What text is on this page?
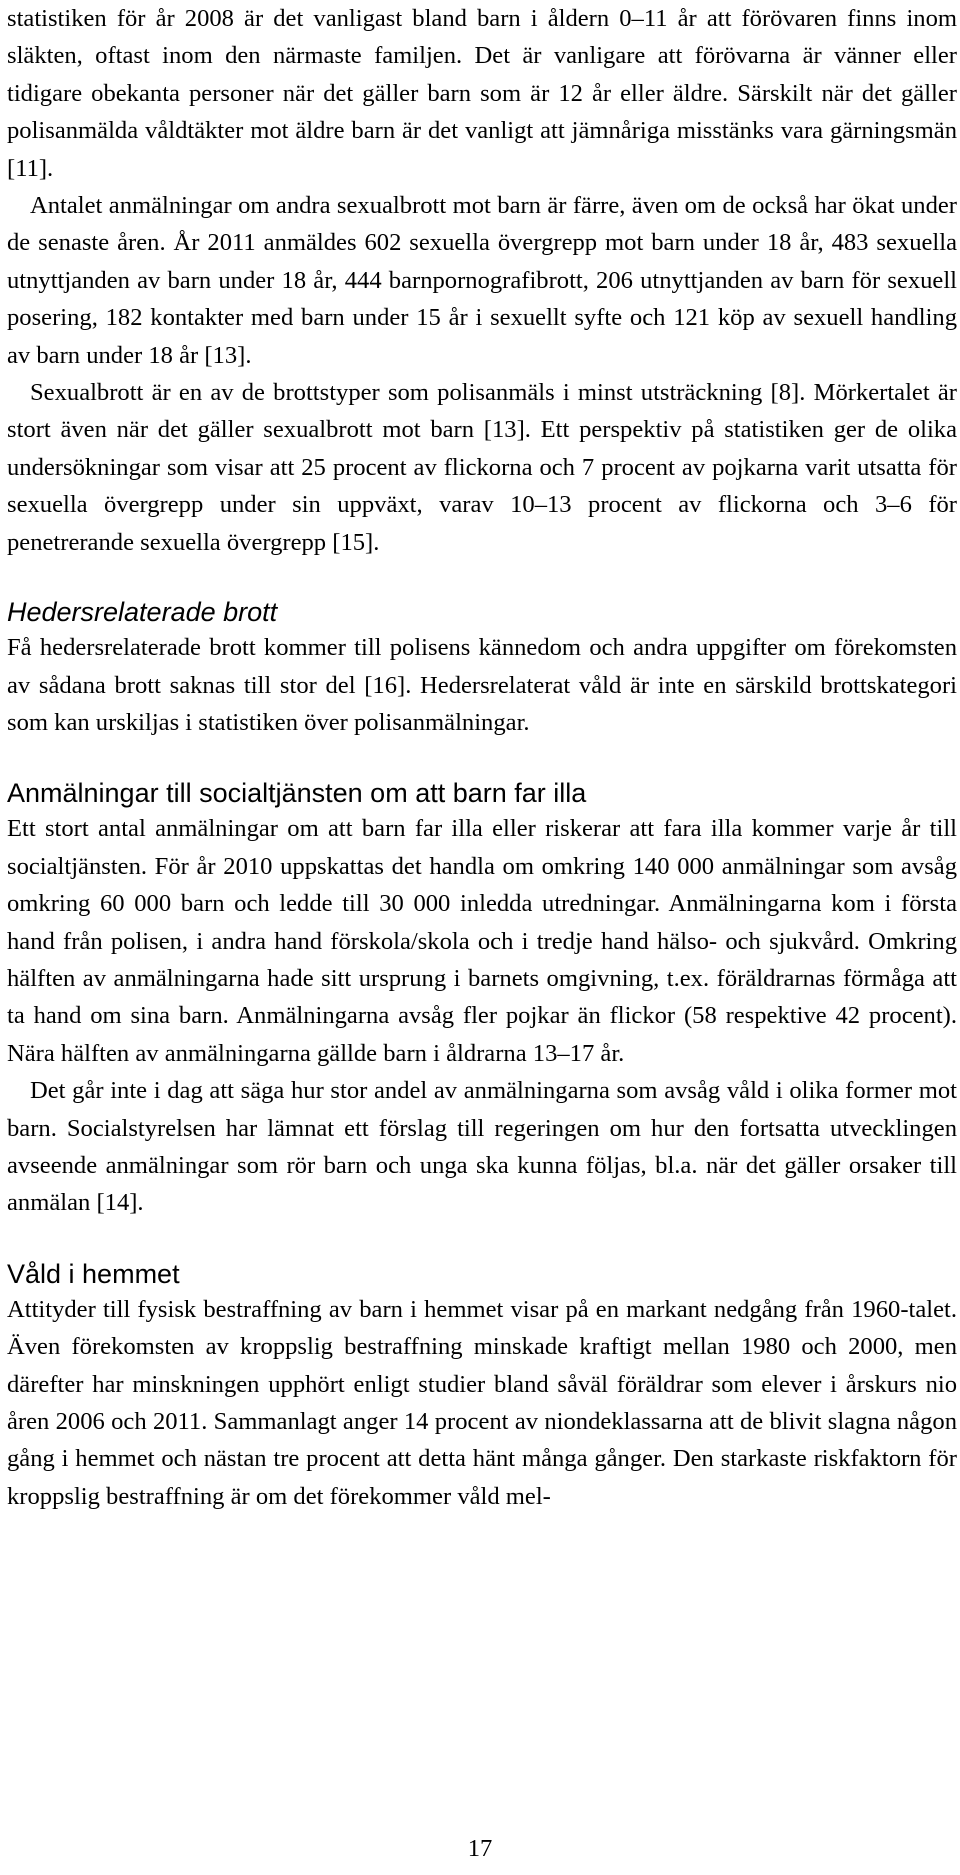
statistiken för år 2008 är det vanligast bland barn i åldern 0–11 år att förövaren finns inom släkten, oftast inom den närmaste familjen. Det är vanligare att förövarna är vänner eller tidigare obekanta personer när det gäller barn som är 12 år eller äldre. Särskilt när det gäller polisanmälda våldtäkter mot äldre barn är det vanligt att jämnåriga misstänks vara gärningsmän [11].

Antalet anmälningar om andra sexualbrott mot barn är färre, även om de också har ökat under de senaste åren. År 2011 anmäldes 602 sexuella övergrepp mot barn under 18 år, 483 sexuella utnyttjanden av barn under 18 år, 444 barnpornografibrott, 206 utnyttjanden av barn för sexuell posering, 182 kontakter med barn under 15 år i sexuellt syfte och 121 köp av sexuell handling av barn under 18 år [13].

Sexualbrott är en av de brottstyper som polisanmäls i minst utsträckning [8]. Mörkertalet är stort även när det gäller sexualbrott mot barn [13]. Ett perspektiv på statistiken ger de olika undersökningar som visar att 25 procent av flickorna och 7 procent av pojkarna varit utsatta för sexuella övergrepp under sin uppväxt, varav 10–13 procent av flickorna och 3–6 för penetrerande sexuella övergrepp [15].

Hedersrelaterade brott

Få hedersrelaterade brott kommer till polisens kännedom och andra uppgifter om förekomsten av sådana brott saknas till stor del [16]. Hedersrelaterat våld är inte en särskild brottskategori som kan urskiljas i statistiken över polisanmälningar.

Anmälningar till socialtjänsten om att barn far illa

Ett stort antal anmälningar om att barn far illa eller riskerar att fara illa kommer varje år till socialtjänsten. För år 2010 uppskattas det handla om omkring 140 000 anmälningar som avsåg omkring 60 000 barn och ledde till 30 000 inledda utredningar. Anmälningarna kom i första hand från polisen, i andra hand förskola/skola och i tredje hand hälso- och sjukvård. Omkring hälften av anmälningarna hade sitt ursprung i barnets omgivning, t.ex. föräldrarnas förmåga att ta hand om sina barn. Anmälningarna avsåg fler pojkar än flickor (58 respektive 42 procent). Nära hälften av anmälningarna gällde barn i åldrarna 13–17 år.

Det går inte i dag att säga hur stor andel av anmälningarna som avsåg våld i olika former mot barn. Socialstyrelsen har lämnat ett förslag till regeringen om hur den fortsatta utvecklingen avseende anmälningar som rör barn och unga ska kunna följas, bl.a. när det gäller orsaker till anmälan [14].

Våld i hemmet

Attityder till fysisk bestraffning av barn i hemmet visar på en markant nedgång från 1960-talet. Även förekomsten av kroppslig bestraffning minskade kraftigt mellan 1980 och 2000, men därefter har minskningen upphört enligt studier bland såväl föräldrar som elever i årskurs nio åren 2006 och 2011. Sammanlagt anger 14 procent av niondeklassarna att de blivit slagna någon gång i hemmet och nästan tre procent att detta hänt många gånger. Den starkaste riskfaktorn för kroppslig bestraffning är om det förekommer våld mel-

17
